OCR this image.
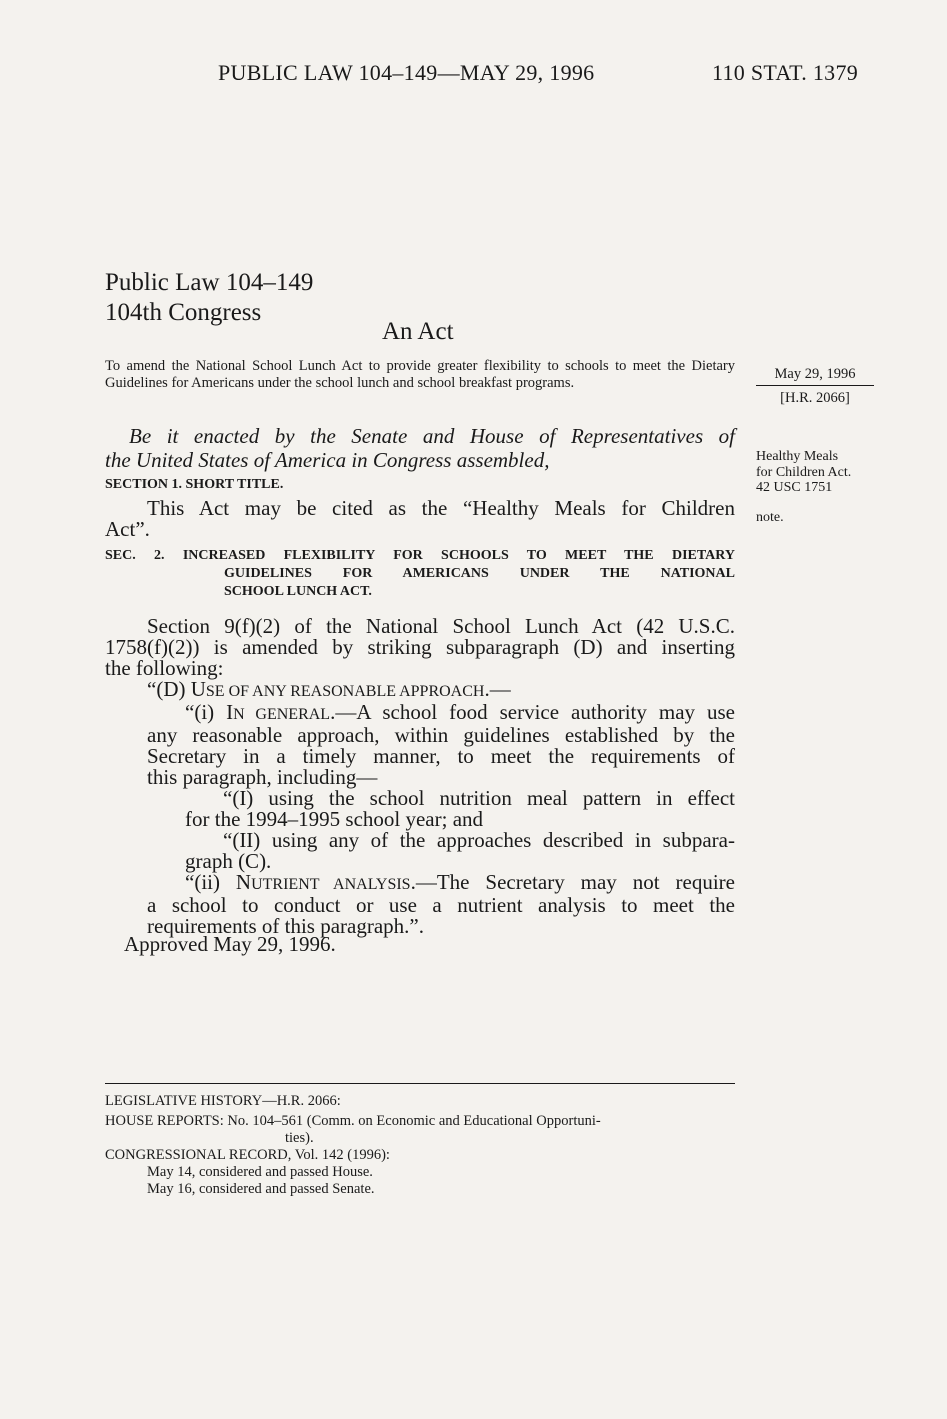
PUBLIC LAW 104–149—MAY 29, 1996	110 STAT. 1379
Public Law 104–149
104th Congress
An Act
To amend the National School Lunch Act to provide greater flexibility to schools to meet the Dietary Guidelines for Americans under the school lunch and school breakfast programs.
May 29, 1996
[H.R. 2066]
Be it enacted by the Senate and House of Representatives of
the United States of America in Congress assembled,	Healthy Meals
for Children Act.
42 USC 1751
note.
SECTION 1. SHORT TITLE.
This Act may be cited as the “Healthy Meals for Children
Act”.
SEC. 2. INCREASED FLEXIBILITY FOR SCHOOLS TO MEET THE DIETARY
GUIDELINES FOR AMERICANS UNDER THE NATIONAL
SCHOOL LUNCH ACT.
Section 9(f)(2) of the National School Lunch Act (42 U.S.C.
1758(f)(2)) is amended by striking subparagraph (D) and inserting
the following:
“(D) USE OF ANY REASONABLE APPROACH.—
“(i) IN GENERAL.—A school food service authority may use
any reasonable approach, within guidelines established by the
Secretary in a timely manner, to meet the requirements of
this paragraph, including—
“(I) using the school nutrition meal pattern in effect
for the 1994–1995 school year; and
“(II) using any of the approaches described in subpara-
graph (C).
“(ii) NUTRIENT ANALYSIS.—The Secretary may not require
a school to conduct or use a nutrient analysis to meet the
requirements of this paragraph.”.
Approved May 29, 1996.
LEGISLATIVE HISTORY—H.R. 2066:
HOUSE REPORTS: No. 104–561 (Comm. on Economic and Educational Opportuni-
ties).
CONGRESSIONAL RECORD, Vol. 142 (1996):
May 14, considered and passed House.
May 16, considered and passed Senate.
